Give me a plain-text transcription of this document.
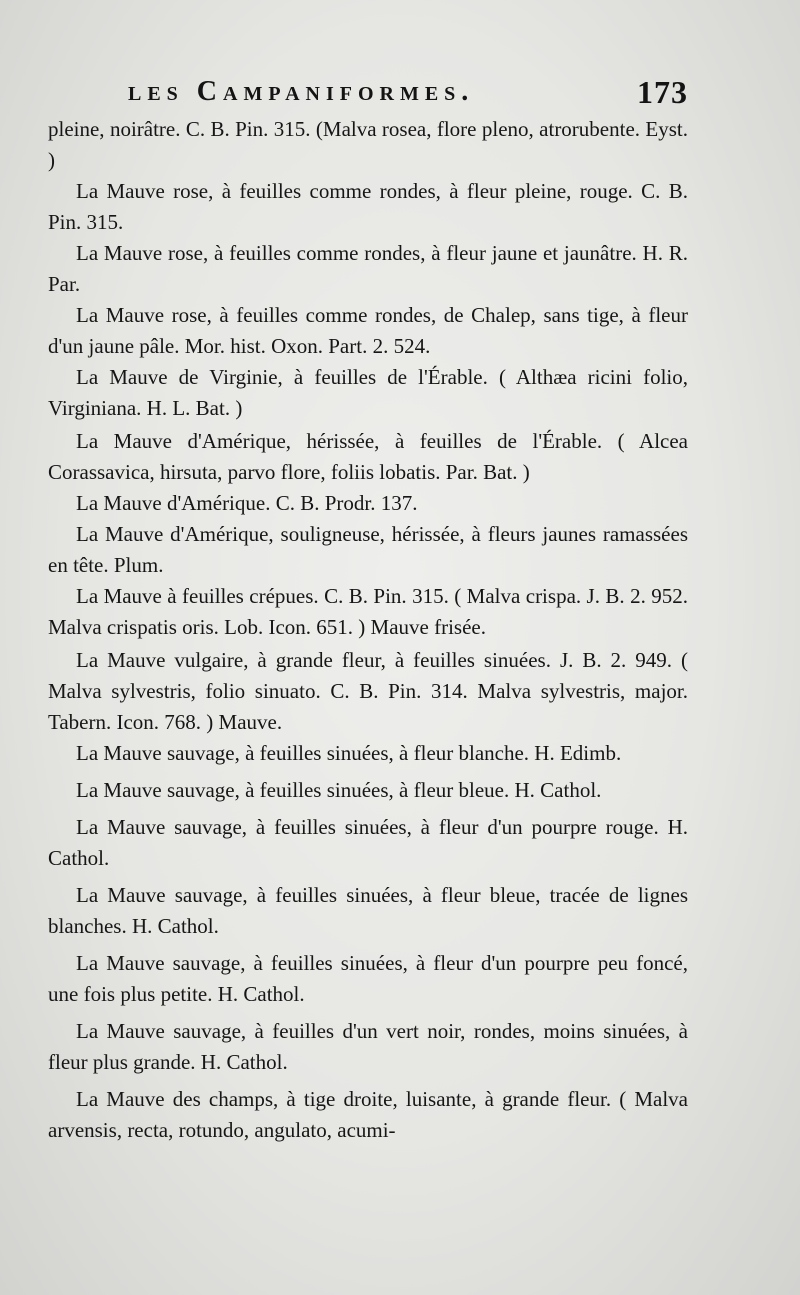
les Campaniformes.	173

pleine, noirâtre. C. B. Pin. 315. (Malva rosea, flore pleno, atrorubente. Eyst. )

La Mauve rose, à feuilles comme rondes, à fleur pleine, rouge. C. B. Pin. 315.

La Mauve rose, à feuilles comme rondes, à fleur jaune et jaunâtre. H. R. Par.

La Mauve rose, à feuilles comme rondes, de Chalep, sans tige, à fleur d'un jaune pâle. Mor. hist. Oxon. Part. 2. 524.

La Mauve de Virginie, à feuilles de l'Érable. ( Althæa ricini folio, Virginiana. H. L. Bat. )

La Mauve d'Amérique, hérissée, à feuilles de l'Érable. ( Alcea Corassavica, hirsuta, parvo flore, foliis lobatis. Par. Bat. )

La Mauve d'Amérique. C. B. Prodr. 137.

La Mauve d'Amérique, souligneuse, hérissée, à fleurs jaunes ramassées en tête. Plum.

La Mauve à feuilles crépues. C. B. Pin. 315. ( Malva crispa. J. B. 2. 952. Malva crispatis oris. Lob. Icon. 651. ) Mauve frisée.

La Mauve vulgaire, à grande fleur, à feuilles sinuées. J. B. 2. 949. ( Malva sylvestris, folio sinuato. C. B. Pin. 314. Malva sylvestris, major. Tabern. Icon. 768. ) Mauve.

La Mauve sauvage, à feuilles sinuées, à fleur blanche. H. Edimb.

La Mauve sauvage, à feuilles sinuées, à fleur bleue. H. Cathol.

La Mauve sauvage, à feuilles sinuées, à fleur d'un pourpre rouge. H. Cathol.

La Mauve sauvage, à feuilles sinuées, à fleur bleue, tracée de lignes blanches. H. Cathol.

La Mauve sauvage, à feuilles sinuées, à fleur d'un pourpre peu foncé, une fois plus petite. H. Cathol.

La Mauve sauvage, à feuilles d'un vert noir, rondes, moins sinuées, à fleur plus grande. H. Cathol.

La Mauve des champs, à tige droite, luisante, à grande fleur. ( Malva arvensis, recta, rotundo, angulato, acumi-
